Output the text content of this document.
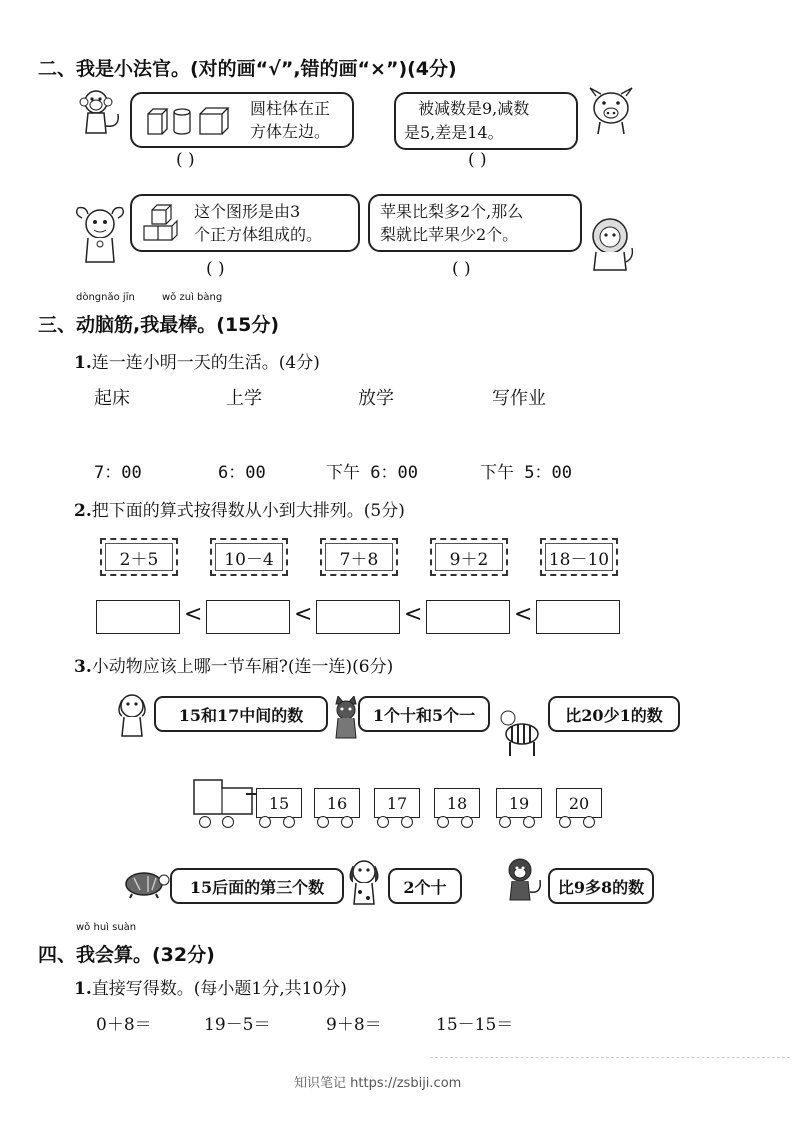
二、我是小法官。(对的画“√”,错的画“×”)(4分)
圆柱体在正
方体左边。
( )
被减数是9,减数
是5,差是14。
( )
这个图形是由3
个正方体组成的。
( )
苹果比梨多2个,那么
梨就比苹果少2个。
( )
dòngnǎo jīn	wǒ zuì bàng
三、动脑筋,我最棒。(15分)
1.连一连小明一天的生活。(4分)
起床	上学	放学	写作业
7：00	6：00	下午 6：00	下午 5：00
2.把下面的算式按得数从小到大排列。(5分)
2＋5	10－4	7＋8	9＋2	18－10
<	<	<	<
3.小动物应该上哪一节车厢?(连一连)(6分)
15和17中间的数	1个十和5个一	比20少1的数
15	16	17	18	19	20
15后面的第三个数	2个十	比9多8的数
wǒ huì suàn
四、我会算。(32分)
1.直接写得数。(每小题1分,共10分)
0＋8＝	19－5＝	9＋8＝	15－15＝
知识笔记 https://zsbiji.com
